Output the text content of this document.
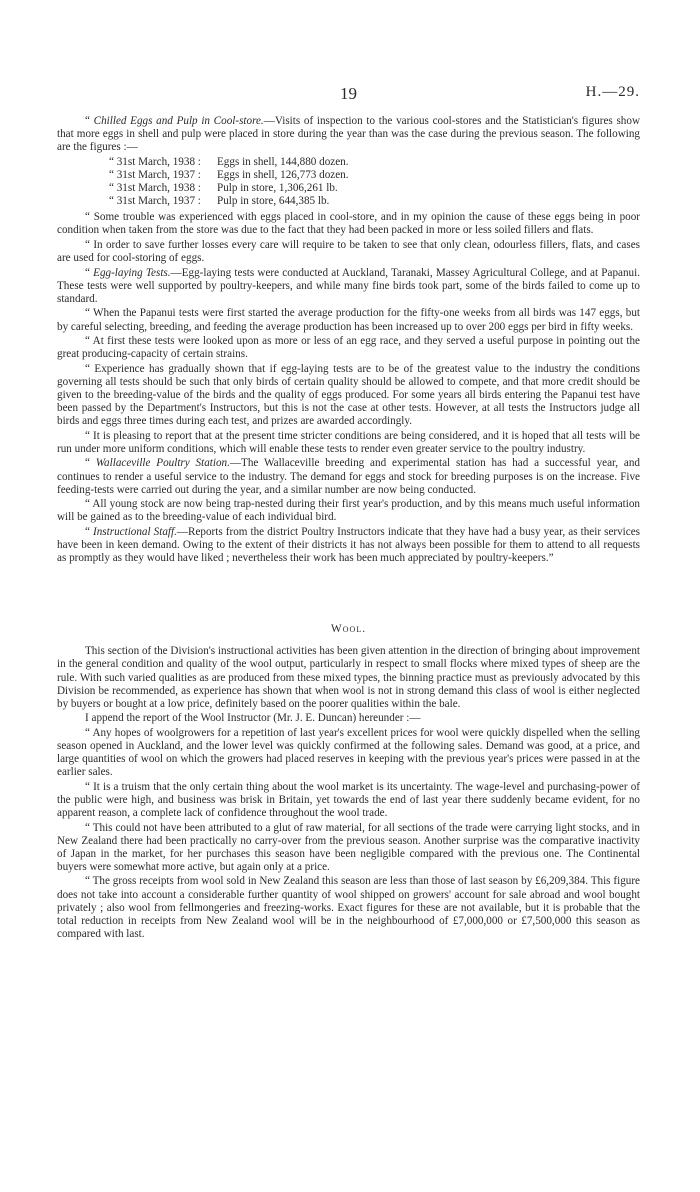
19	H.—29.

“ Chilled Eggs and Pulp in Cool-store.—Visits of inspection to the various cool-stores and the Statistician's figures show that more eggs in shell and pulp were placed in store during the year than was the case during the previous season. The following are the figures :—

“ 31st March, 1938 :	Eggs in shell, 144,880 dozen.
“ 31st March, 1937 :	Eggs in shell, 126,773 dozen.
“ 31st March, 1938 :	Pulp in store, 1,306,261 lb.
“ 31st March, 1937 :	Pulp in store, 644,385 lb.

“ Some trouble was experienced with eggs placed in cool-store, and in my opinion the cause of these eggs being in poor condition when taken from the store was due to the fact that they had been packed in more or less soiled fillers and flats.

“ In order to save further losses every care will require to be taken to see that only clean, odourless fillers, flats, and cases are used for cool-storing of eggs.

“ Egg-laying Tests.—Egg-laying tests were conducted at Auckland, Taranaki, Massey Agricultural College, and at Papanui. These tests were well supported by poultry-keepers, and while many fine birds took part, some of the birds failed to come up to standard.

“ When the Papanui tests were first started the average production for the fifty-one weeks from all birds was 147 eggs, but by careful selecting, breeding, and feeding the average production has been increased up to over 200 eggs per bird in fifty weeks.

“ At first these tests were looked upon as more or less of an egg race, and they served a useful purpose in pointing out the great producing-capacity of certain strains.

“ Experience has gradually shown that if egg-laying tests are to be of the greatest value to the industry the conditions governing all tests should be such that only birds of certain quality should be allowed to compete, and that more credit should be given to the breeding-value of the birds and the quality of eggs produced. For some years all birds entering the Papanui test have been passed by the Department's Instructors, but this is not the case at other tests. However, at all tests the Instructors judge all birds and eggs three times during each test, and prizes are awarded accordingly.

“ It is pleasing to report that at the present time stricter conditions are being considered, and it is hoped that all tests will be run under more uniform conditions, which will enable these tests to render even greater service to the poultry industry.

“ Wallaceville Poultry Station.—The Wallaceville breeding and experimental station has had a successful year, and continues to render a useful service to the industry. The demand for eggs and stock for breeding purposes is on the increase. Five feeding-tests were carried out during the year, and a similar number are now being conducted.

“ All young stock are now being trap-nested during their first year's production, and by this means much useful information will be gained as to the breeding-value of each individual bird.

“ Instructional Staff.—Reports from the district Poultry Instructors indicate that they have had a busy year, as their services have been in keen demand. Owing to the extent of their districts it has not always been possible for them to attend to all requests as promptly as they would have liked ; nevertheless their work has been much appreciated by poultry-keepers.”

Wool.

This section of the Division's instructional activities has been given attention in the direction of bringing about improvement in the general condition and quality of the wool output, particularly in respect to small flocks where mixed types of sheep are the rule. With such varied qualities as are produced from these mixed types, the binning practice must as previously advocated by this Division be recommended, as experience has shown that when wool is not in strong demand this class of wool is either neglected by buyers or bought at a low price, definitely based on the poorer qualities within the bale.

I append the report of the Wool Instructor (Mr. J. E. Duncan) hereunder :—

“ Any hopes of woolgrowers for a repetition of last year's excellent prices for wool were quickly dispelled when the selling season opened in Auckland, and the lower level was quickly confirmed at the following sales. Demand was good, at a price, and large quantities of wool on which the growers had placed reserves in keeping with the previous year's prices were passed in at the earlier sales.

“ It is a truism that the only certain thing about the wool market is its uncertainty. The wage-level and purchasing-power of the public were high, and business was brisk in Britain, yet towards the end of last year there suddenly became evident, for no apparent reason, a complete lack of confidence throughout the wool trade.

“ This could not have been attributed to a glut of raw material, for all sections of the trade were carrying light stocks, and in New Zealand there had been practically no carry-over from the previous season. Another surprise was the comparative inactivity of Japan in the market, for her purchases this season have been negligible compared with the previous one. The Continental buyers were somewhat more active, but again only at a price.

“ The gross receipts from wool sold in New Zealand this season are less than those of last season by £6,209,384. This figure does not take into account a considerable further quantity of wool shipped on growers' account for sale abroad and wool bought privately ; also wool from fellmongeries and freezing-works. Exact figures for these are not available, but it is probable that the total reduction in receipts from New Zealand wool will be in the neighbourhood of £7,000,000 or £7,500,000 this season as compared with last.
